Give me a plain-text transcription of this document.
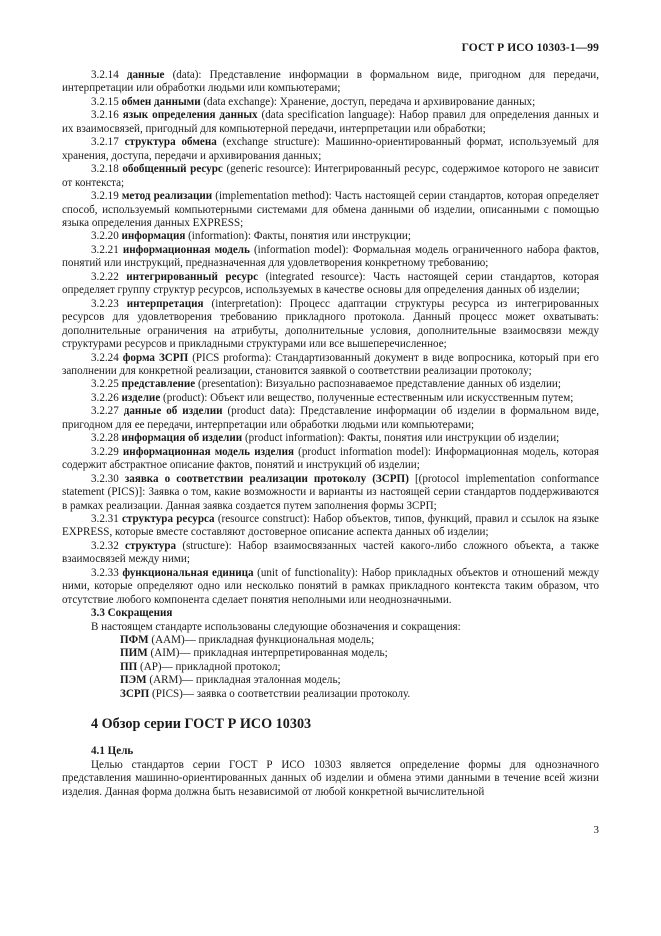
ГОСТ Р ИСО 10303-1—99

3.2.14 данные (data): Представление информации в формальном виде, пригодном для передачи, интерпретации или обработки людьми или компьютерами;

3.2.15 обмен данными (data exchange): Хранение, доступ, передача и архивирование данных;

3.2.16 язык определения данных (data specification language): Набор правил для определения данных и их взаимосвязей, пригодный для компьютерной передачи, интерпретации или обработки;

3.2.17 структура обмена (exchange structure): Машинно-ориентированный формат, используемый для хранения, доступа, передачи и архивирования данных;

3.2.18 обобщенный ресурс (generic resource): Интегрированный ресурс, содержимое которого не зависит от контекста;

3.2.19 метод реализации (implementation method): Часть настоящей серии стандартов, которая определяет способ, используемый компьютерными системами для обмена данными об изделии, описанными с помощью языка определения данных EXPRESS;

3.2.20 информация (information): Факты, понятия или инструкции;

3.2.21 информационная модель (information model): Формальная модель ограниченного набора фактов, понятий или инструкций, предназначенная для удовлетворения конкретному требованию;

3.2.22 интегрированный ресурс (integrated resource): Часть настоящей серии стандартов, которая определяет группу структур ресурсов, используемых в качестве основы для определения данных об изделии;

3.2.23 интерпретация (interpretation): Процесс адаптации структуры ресурса из интегрированных ресурсов для удовлетворения требованию прикладного протокола. Данный процесс может охватывать: дополнительные ограничения на атрибуты, дополнительные условия, дополнительные взаимосвязи между структурами ресурсов и прикладными структурами или все вышеперечисленное;

3.2.24 форма ЗСРП (PICS proforma): Стандартизованный документ в виде вопросника, который при его заполнении для конкретной реализации, становится заявкой о соответствии реализации протоколу;

3.2.25 представление (presentation): Визуально распознаваемое представление данных об изделии;

3.2.26 изделие (product): Объект или вещество, полученные естественным или искусственным путем;

3.2.27 данные об изделии (product data): Представление информации об изделии в формальном виде, пригодном для ее передачи, интерпретации или обработки людьми или компьютерами;

3.2.28 информация об изделии (product information): Факты, понятия или инструкции об изделии;

3.2.29 информационная модель изделия (product information model): Информационная модель, которая содержит абстрактное описание фактов, понятий и инструкций об изделии;

3.2.30 заявка о соответствии реализации протоколу (ЗСРП) [(protocol implementation conformance statement (PICS)]: Заявка о том, какие возможности и варианты из настоящей серии стандартов поддерживаются в рамках реализации. Данная заявка создается путем заполнения формы ЗСРП;

3.2.31 структура ресурса (resource construct): Набор объектов, типов, функций, правил и ссылок на языке EXPRESS, которые вместе составляют достоверное описание аспекта данных об изделии;

3.2.32 структура (structure): Набор взаимосвязанных частей какого-либо сложного объекта, а также взаимосвязей между ними;

3.2.33 функциональная единица (unit of functionality): Набор прикладных объектов и отношений между ними, которые определяют одно или несколько понятий в рамках прикладного контекста таким образом, что отсутствие любого компонента сделает понятия неполными или неоднозначными.

3.3 Сокращения

В настоящем стандарте использованы следующие обозначения и сокращения:

ПФМ (AAM)— прикладная функциональная модель;

ПИМ (AIM)— прикладная интерпретированная модель;

ПП (AP)— прикладной протокол;

ПЭМ (ARM)— прикладная эталонная модель;

ЗСРП (PICS)— заявка о соответствии реализации протоколу.

4 Обзор серии ГОСТ Р ИСО 10303

4.1 Цель

Целью стандартов серии ГОСТ Р ИСО 10303 является определение формы для однозначного представления машинно-ориентированных данных об изделии и обмена этими данными в течение всей жизни изделия. Данная форма должна быть независимой от любой конкретной вычислительной

3
